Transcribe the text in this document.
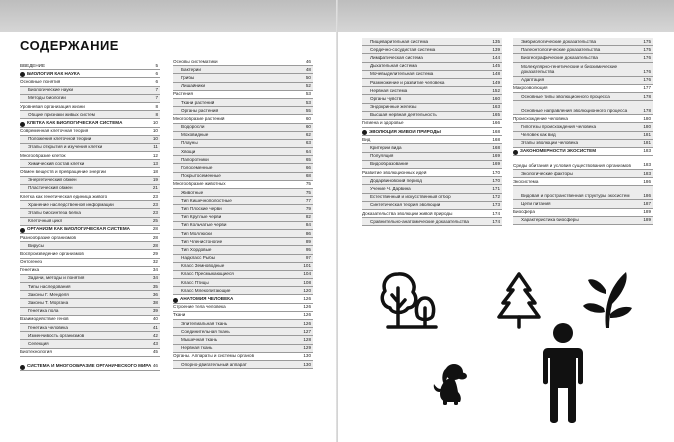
СОДЕРЖАНИЕ
ВВЕДЕНИЕ	5
БИОЛОГИЯ КАК НАУКА	6
Основные понятия	6
Биологические науки	7
Методы биологии	7
Уровневая организация жизни	8
Общие признаки живых систем	8
КЛЕТКА КАК БИОЛОГИЧЕСКАЯ СИСТЕМА	10
Современная клеточная теория	10
Положения клеточной теории	10
Этапы открытия и изучения клетки	11
Многообразие клеток	12
Химический состав клетки	13
Обмен веществ и превращение энергии	18
Энергетический обмен	19
Пластический обмен	21
Клетка как генетическая единица живого	23
Хранение наследственной информации	23
Этапы биосинтеза белка	23
Клеточный цикл	25
ОРГАНИЗМ КАК БИОЛОГИЧЕСКАЯ СИСТЕМА	28
Разнообразие организмов	28
Вирусы	28
Воспроизведение организмов	29
Онтогенез	32
Генетика	34
Задачи, методы и понятия	34
Типы наследования	35
Законы Г. Менделя	36
Законы Т. Моргана	38
Генетика пола	39
Взаимодействие генов	40
Генетика человека	41
Изменчивость организмов	42
Селекция	43
Биотехнология	45
СИСТЕМА И МНОГООБРАЗИЕ ОРГАНИЧЕСКОГО МИРА 46
Основы систематики	46
Бактерии	48
Грибы	50
Лишайники	52
Растения	53
Ткани растений	53
Органы растений	55
Многообразие растений	60
Водоросли	60
Моховидные	62
Плауны	63
Хвощи	64
Папоротники	65
Голосеменные	66
Покрытосеменные	68
Многообразие животных	75
Животные	75
Тип Кишечнополостные	77
Тип Плоские черви	79
Тип Круглые черви	82
Тип Кольчатые черви	84
Тип Моллюски	86
Тип Членистоногие	89
Тип Хордовые	95
Надкласс Рыбы	97
Класс Земноводные	101
Класс Пресмыкающиеся	104
Класс Птицы	108
Класс Млекопитающие	120
АНАТОМИЯ ЧЕЛОВЕКА	126
Строение тела человека	126
Ткани	126
Эпителиальная ткань	126
Соединительная ткань	127
Мышечная ткань	128
Нервная ткань	129
Органы. Аппараты и системы органов	130
Опорно-двигательный аппарат	130
Пищеварительная система	135
Сердечно-сосудистая система	139
Лимфатическая система	144
Дыхательная система	145
Мочевыделительная система	148
Размножение и развитие человека	149
Нервная система	152
Органы чувств	160
Эндокринные железы	163
Высшая нервная деятельность	165
Гигиена и здоровье	166
ЭВОЛЮЦИЯ ЖИВОЙ ПРИРОДЫ	168
Вид	168
Критерии вида	168
Популяция	169
Видообразование	169
Развитие эволюционных идей	170
Додарвиновский период	170
Учение Ч. Дарвина	171
Естественный и искусственный отбор	172
Синтетическая теория эволюции	173
Доказательства эволюции живой природы	174
Сравнительно-анатомические доказательства	174
Эмбриологические доказательства	175
Палеонтологические доказательства	175
Биогеографические доказательства	176
Молекулярно-генетические и биохимические доказательства	176
Адаптация	176
Макроэволюция	177
Основные типы эволюционного процесса	178
Основные направления эволюционного процесса	178
Происхождение человека	180
Гипотезы происхождения человека	180
Человек как вид	181
Этапы эволюции человека	181
ЗАКОНОМЕРНОСТИ ЭКОСИСТЕМ	183
Среды обитания и условия существования организмов	183
Экологические факторы	183
Экосистема	186
Видовая и пространственная структуры экосистем	186
Цепи питания	187
Биосфера	189
Характеристика биосферы	189
